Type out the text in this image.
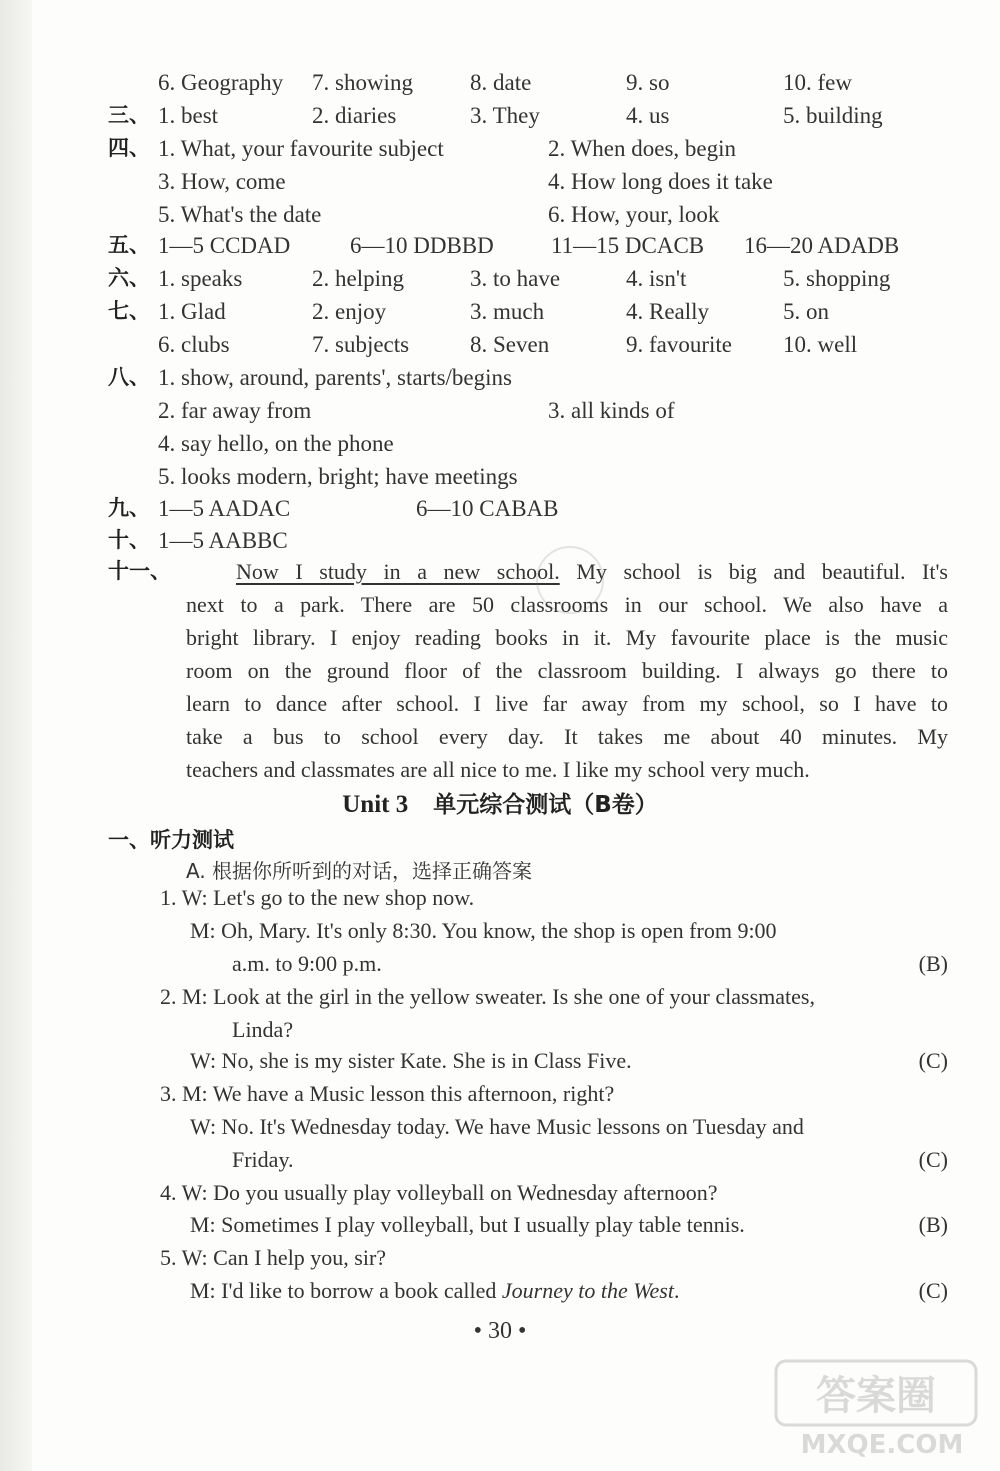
6. Geography 7. showing 8. date	9. so	10. few
三、 1. best	2. diaries	3. They	4. us	5. building
四、 1. What, your favourite subject	2. When does, begin
3. How, come	4. How long does it take
5. What's the date	6. How, your, look
五、 1—5 CCDAD	6—10 DDBBD 11—15 DCACB 16—20 ADADB
六、 1. speaks	2. helping	3. to have	4. isn't	5. shopping
七、 1. Glad	2. enjoy	3. much	4. Really	5. on
6. clubs	7. subjects	8. Seven	9. favourite 10. well
八、 1. show, around, parents', starts/begins
2. far away from	3. all kinds of
4. say hello, on the phone
5. looks modern, bright; have meetings
九、 1—5 AADAC	6—10 CABAB
十、 1—5 AABBC
十一、	Now I study in a new school. My school is big and beautiful. It's
next to a park. There are 50 classrooms in our school. We also have a
bright library. I enjoy reading books in it. My favourite place is the music
room on the ground floor of the classroom building. I always go there to
learn to dance after school. I live far away from my school, so I have to
take a bus to school every day. It takes me about 40 minutes. My
teachers and classmates are all nice to me. I like my school very much.
Unit 3 单元综合测试（B卷）
一、听力测试
A. 根据你所听到的对话，选择正确答案
1. W: Let's go to the new shop now.
M: Oh, Mary. It's only 8:30. You know, the shop is open from 9:00
a.m. to 9:00 p.m.	(B)
2. M: Look at the girl in the yellow sweater. Is she one of your classmates,
Linda?
W: No, she is my sister Kate. She is in Class Five.	(C)
3. M: We have a Music lesson this afternoon, right?
W: No. It's Wednesday today. We have Music lessons on Tuesday and
Friday.	(C)
4. W: Do you usually play volleyball on Wednesday afternoon?
M: Sometimes I play volleyball, but I usually play table tennis.	(B)
5. W: Can I help you, sir?
M: I'd like to borrow a book called Journey to the West.	(C)
• 30 •
答案圈
MXQE.COM
